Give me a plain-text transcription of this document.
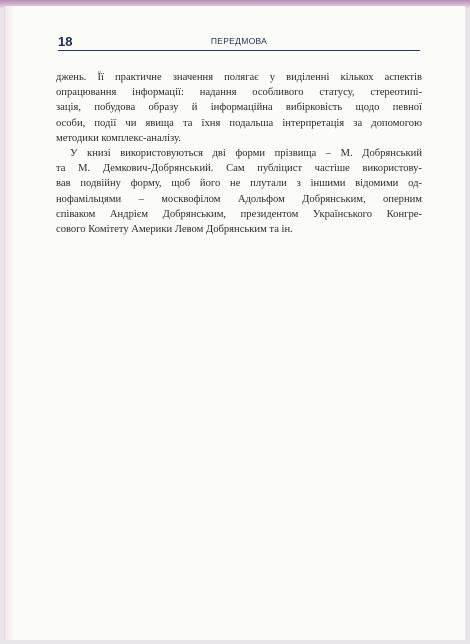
18	ПЕРЕДМОВА

джень. Її практичне значення полягає у виділенні кількох аспектів
опрацювання інформації: надання особливого статусу, стереотипі-
зація, побудова образу й інформаційна вибірковість щодо певної
особи, події чи явища та їхня подальша інтерпретація за допомогою
методики комплекс-аналізу.

У книзі використовуються дві форми прізвища – М. Добрянський
та М. Демкович-Добрянський. Сам публіцист частіше використову-
вав подвійну форму, щоб його не плутали з іншими відомими од-
нофамільцями – москвофілом Адольфом Добрянським, оперним
співаком Андрієм Добрянським, президентом Українського Конгре-
сового Комітету Америки Левом Добрянським та ін.
